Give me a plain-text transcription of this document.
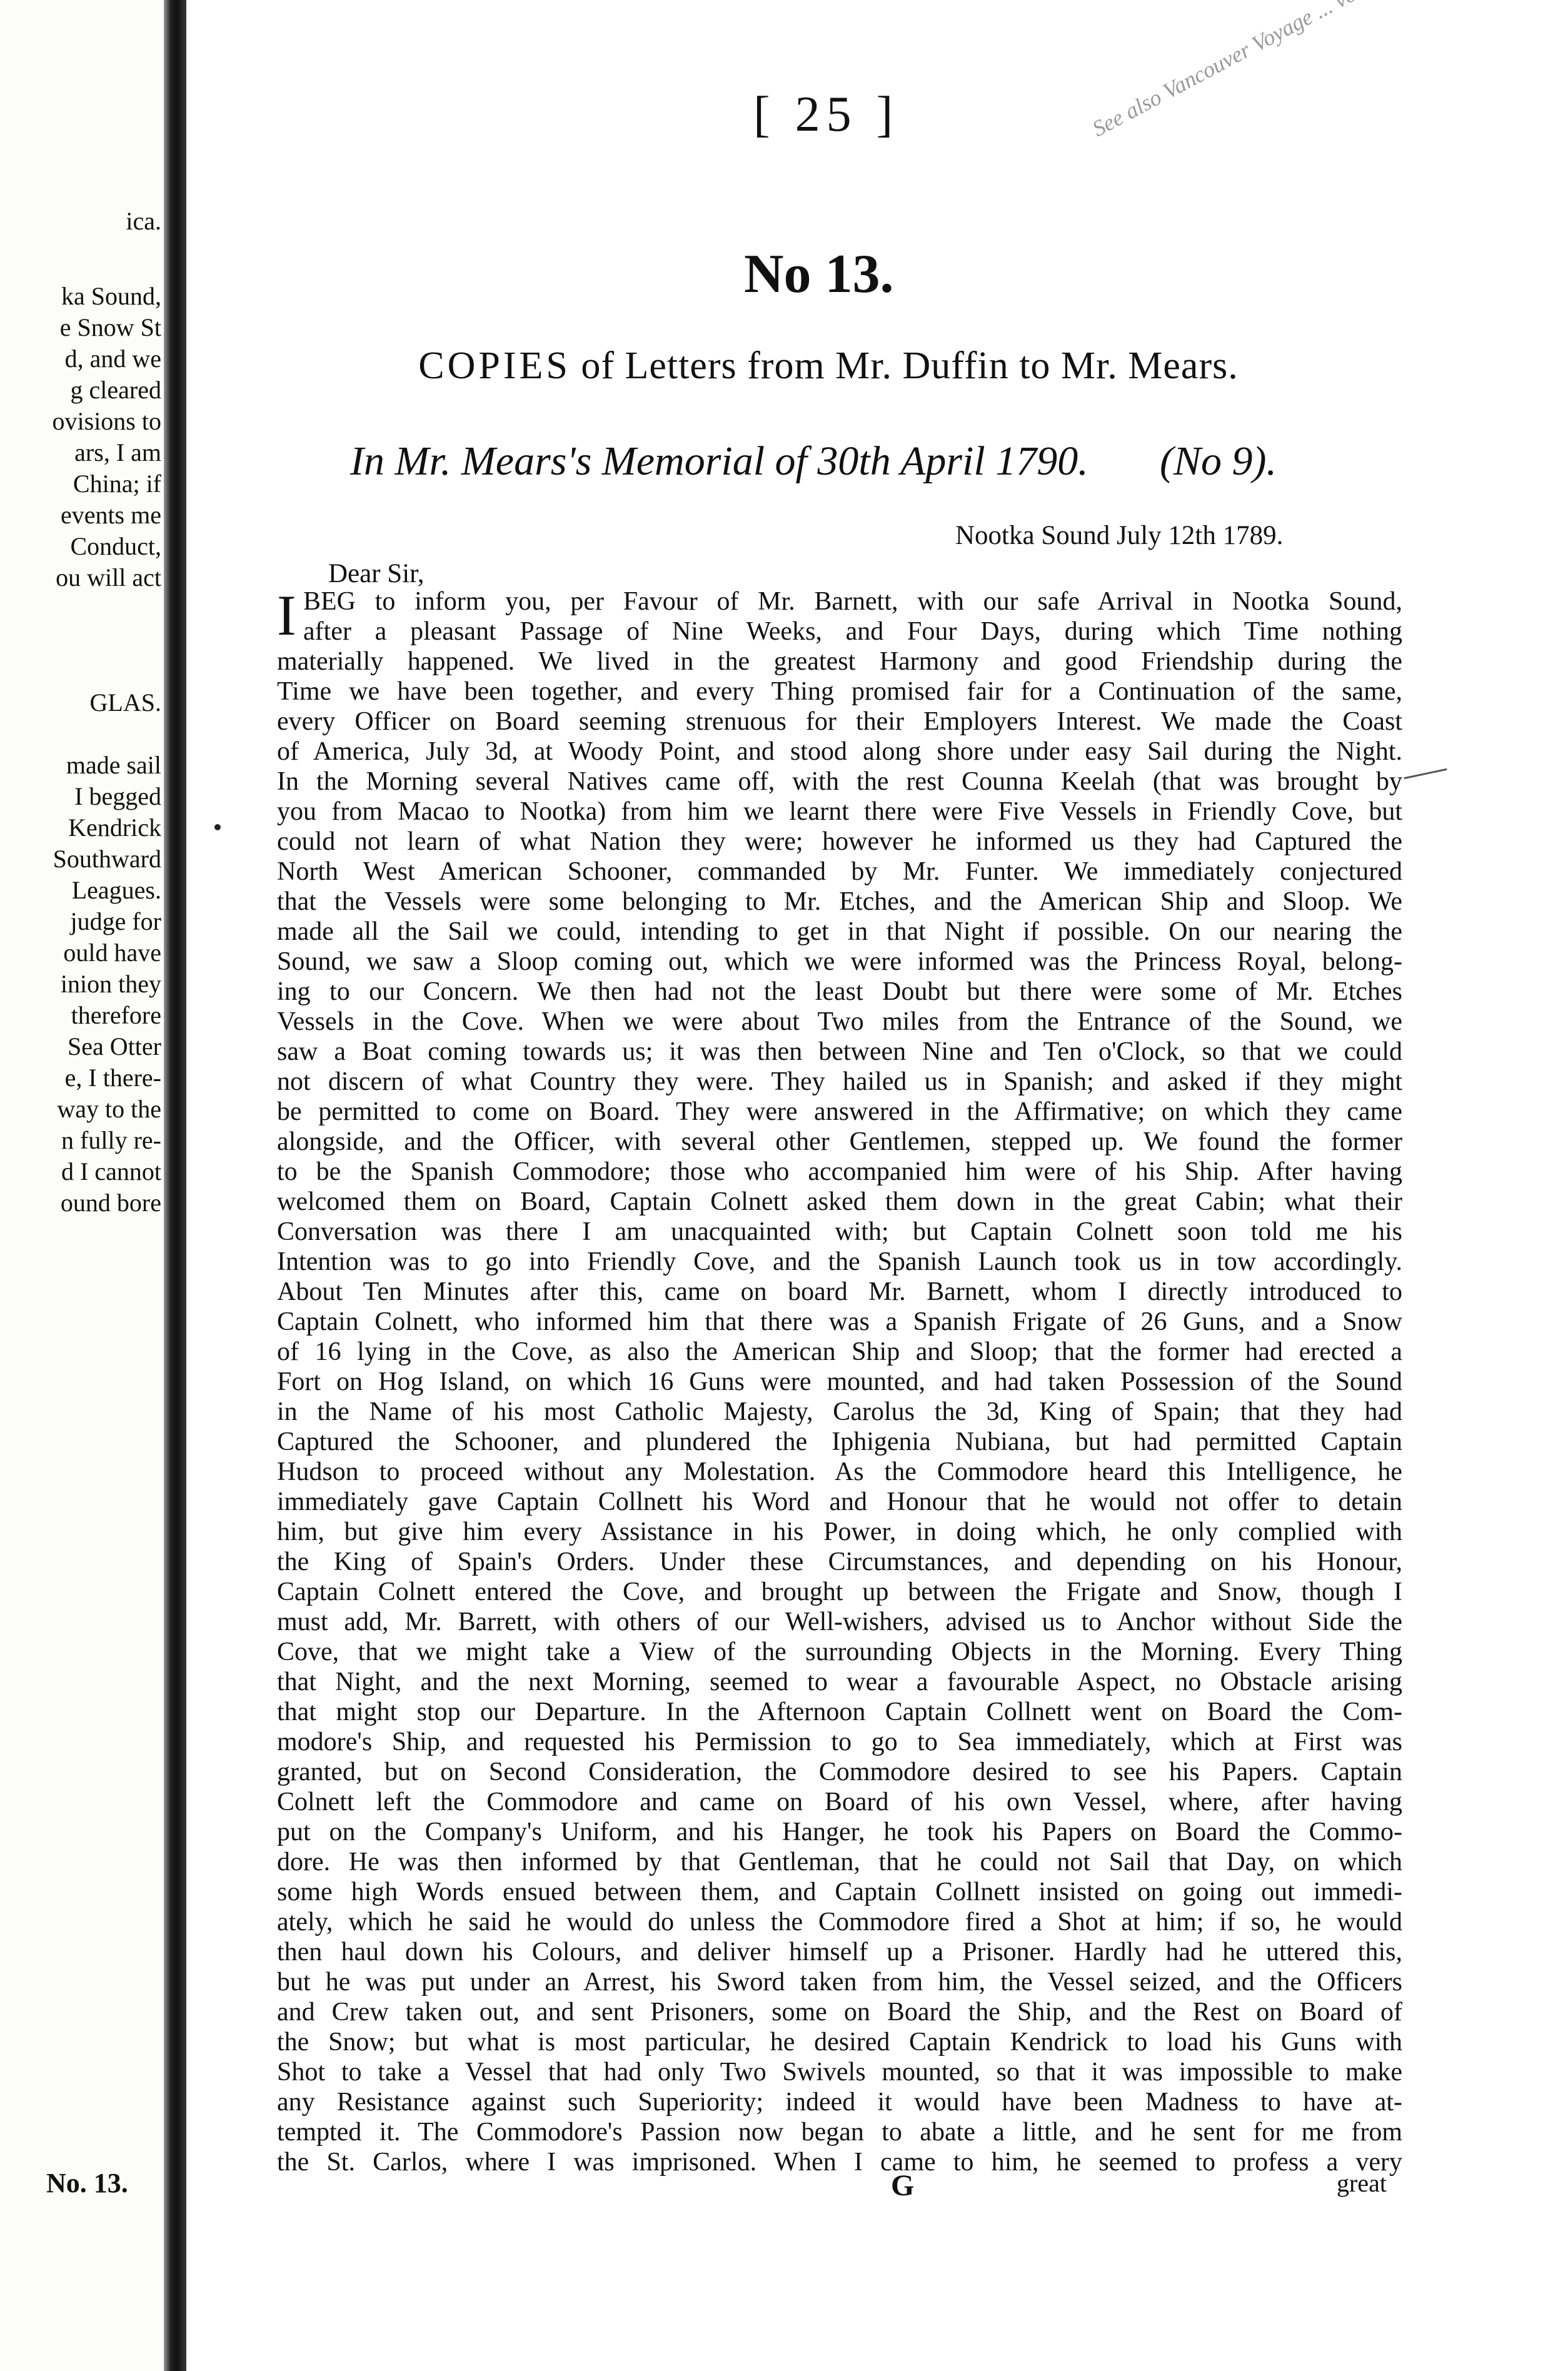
ica.
ka Sound,
e Snow St
d, and we
g cleared
ovisions to
ars, I am
China; if
events me
Conduct,
ou will act
GLAS.
made sail
I begged
Kendrick
Southward
Leagues.
judge for
ould have
inion they
therefore
Sea Otter
e, I there-
way to the
n fully re-
d I cannot
ound bore
No. 13.
[ 25 ]
No 13.
COPIES of Letters from Mr. Duffin to Mr. Mears.
In Mr. Mears's Memorial of 30th April 1790. (No 9).
Nootka Sound July 12th 1789.
Dear Sir,
I BEG to inform you, per Favour of Mr. Barnett, with our safe Arrival in Nootka Sound,
after a pleasant Passage of Nine Weeks, and Four Days, during which Time nothing
materially happened. We lived in the greatest Harmony and good Friendship during the
Time we have been together, and every Thing promised fair for a Continuation of the same,
every Officer on Board seeming strenuous for their Employers Interest. We made the Coast
of America, July 3d, at Woody Point, and stood along shore under easy Sail during the Night.
In the Morning several Natives came off, with the rest Counna Keelah (that was brought by
you from Macao to Nootka) from him we learnt there were Five Vessels in Friendly Cove, but
could not learn of what Nation they were; however he informed us they had Captured the
North West American Schooner, commanded by Mr. Funter. We immediately conjectured
that the Vessels were some belonging to Mr. Etches, and the American Ship and Sloop. We
made all the Sail we could, intending to get in that Night if possible. On our nearing the
Sound, we saw a Sloop coming out, which we were informed was the Princess Royal, belong-
ing to our Concern. We then had not the least Doubt but there were some of Mr. Etches
Vessels in the Cove. When we were about Two miles from the Entrance of the Sound, we
saw a Boat coming towards us; it was then between Nine and Ten o'Clock, so that we could
not discern of what Country they were. They hailed us in Spanish; and asked if they might
be permitted to come on Board. They were answered in the Affirmative; on which they came
alongside, and the Officer, with several other Gentlemen, stepped up. We found the former
to be the Spanish Commodore; those who accompanied him were of his Ship. After having
welcomed them on Board, Captain Colnett asked them down in the great Cabin; what their
Conversation was there I am unacquainted with; but Captain Colnett soon told me his
Intention was to go into Friendly Cove, and the Spanish Launch took us in tow accordingly.
About Ten Minutes after this, came on board Mr. Barnett, whom I directly introduced to
Captain Colnett, who informed him that there was a Spanish Frigate of 26 Guns, and a Snow
of 16 lying in the Cove, as also the American Ship and Sloop; that the former had erected a
Fort on Hog Island, on which 16 Guns were mounted, and had taken Possession of the Sound
in the Name of his most Catholic Majesty, Carolus the 3d, King of Spain; that they had
Captured the Schooner, and plundered the Iphigenia Nubiana, but had permitted Captain
Hudson to proceed without any Molestation. As the Commodore heard this Intelligence, he
immediately gave Captain Collnett his Word and Honour that he would not offer to detain
him, but give him every Assistance in his Power, in doing which, he only complied with
the King of Spain's Orders. Under these Circumstances, and depending on his Honour,
Captain Colnett entered the Cove, and brought up between the Frigate and Snow, though I
must add, Mr. Barrett, with others of our Well-wishers, advised us to Anchor without Side the
Cove, that we might take a View of the surrounding Objects in the Morning. Every Thing
that Night, and the next Morning, seemed to wear a favourable Aspect, no Obstacle arising
that might stop our Departure. In the Afternoon Captain Collnett went on Board the Com-
modore's Ship, and requested his Permission to go to Sea immediately, which at First was
granted, but on Second Consideration, the Commodore desired to see his Papers. Captain
Colnett left the Commodore and came on Board of his own Vessel, where, after having
put on the Company's Uniform, and his Hanger, he took his Papers on Board the Commo-
dore. He was then informed by that Gentleman, that he could not Sail that Day, on which
some high Words ensued between them, and Captain Collnett insisted on going out immedi-
ately, which he said he would do unless the Commodore fired a Shot at him; if so, he would
then haul down his Colours, and deliver himself up a Prisoner. Hardly had he uttered this,
but he was put under an Arrest, his Sword taken from him, the Vessel seized, and the Officers
and Crew taken out, and sent Prisoners, some on Board the Ship, and the Rest on Board of
the Snow; but what is most particular, he desired Captain Kendrick to load his Guns with
Shot to take a Vessel that had only Two Swivels mounted, so that it was impossible to make
any Resistance against such Superiority; indeed it would have been Madness to have at-
tempted it. The Commodore's Passion now began to abate a little, and he sent for me from
the St. Carlos, where I was imprisoned. When I came to him, he seemed to profess a very
G	great
